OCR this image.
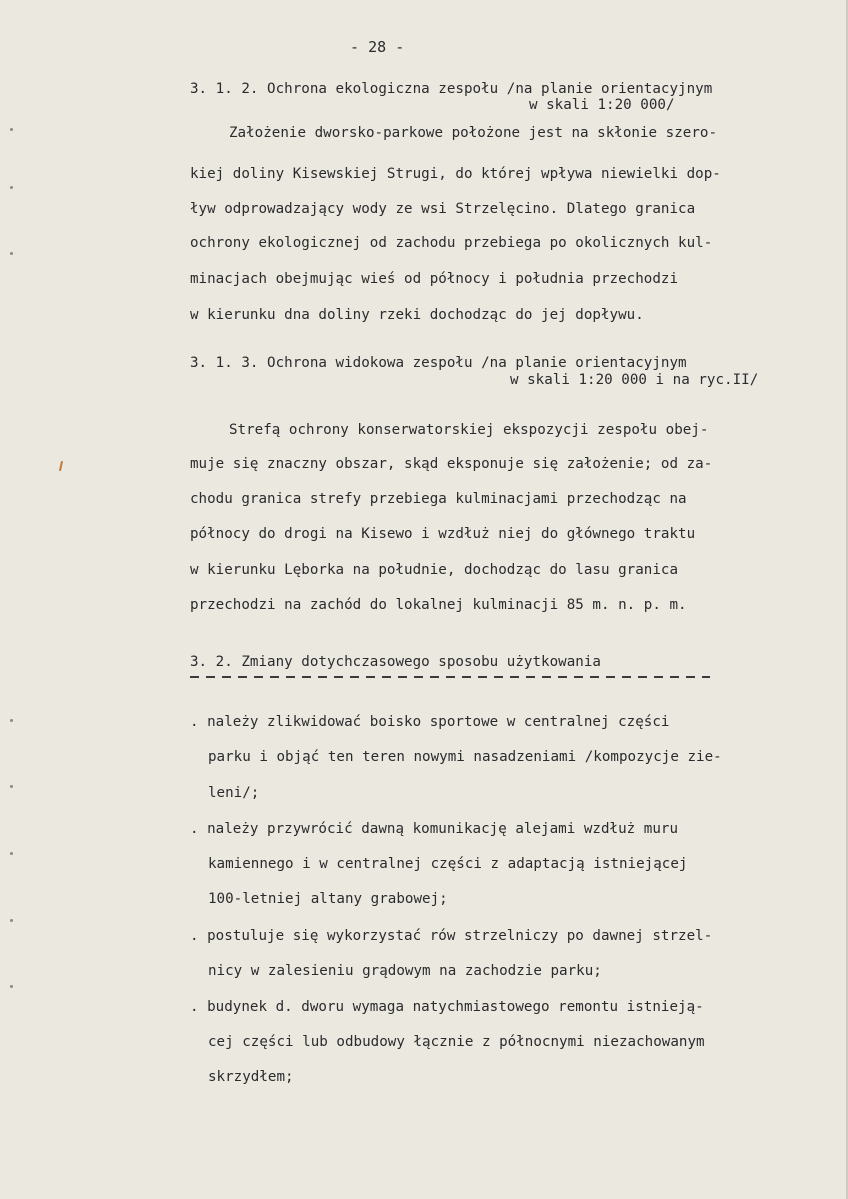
- 28 -
3. 1. 2. Ochrona ekologiczna zespołu /na planie orientacyjnym
w skali 1:20 000/
Założenie dworsko-parkowe położone jest na skłonie szero-
kiej doliny Kisewskiej Strugi, do której wpływa niewielki dop-
ływ odprowadzający wody ze wsi Strzelęcino. Dlatego granica
ochrony ekologicznej od zachodu przebiega po okolicznych kul-
minacjach obejmując wieś od północy i południa przechodzi
w kierunku dna doliny rzeki dochodząc do jej dopływu.
3. 1. 3. Ochrona widokowa zespołu /na planie orientacyjnym
w skali 1:20 000 i na ryc.II/
Strefą ochrony konserwatorskiej ekspozycji zespołu obej-
muje się znaczny obszar, skąd eksponuje się założenie; od za-
chodu granica strefy przebiega kulminacjami przechodząc na
północy do drogi na Kisewo i wzdłuż niej do głównego traktu
w kierunku Lęborka na południe, dochodząc do lasu granica
przechodzi na zachód do lokalnej kulminacji 85 m. n. p. m.
3. 2. Zmiany dotychczasowego sposobu użytkowania
. należy zlikwidować boisko sportowe w centralnej części
parku i objąć ten teren nowymi nasadzeniami /kompozycje zie-
leni/;
. należy przywrócić dawną komunikację alejami wzdłuż muru
kamiennego i w centralnej części z adaptacją istniejącej
100-letniej altany grabowej;
. postuluje się wykorzystać rów strzelniczy po dawnej strzel-
nicy w zalesieniu grądowym na zachodzie parku;
. budynek d. dworu wymaga natychmiastowego remontu istnieją-
cej części lub odbudowy łącznie z północnymi niezachowanym
skrzydłem;
